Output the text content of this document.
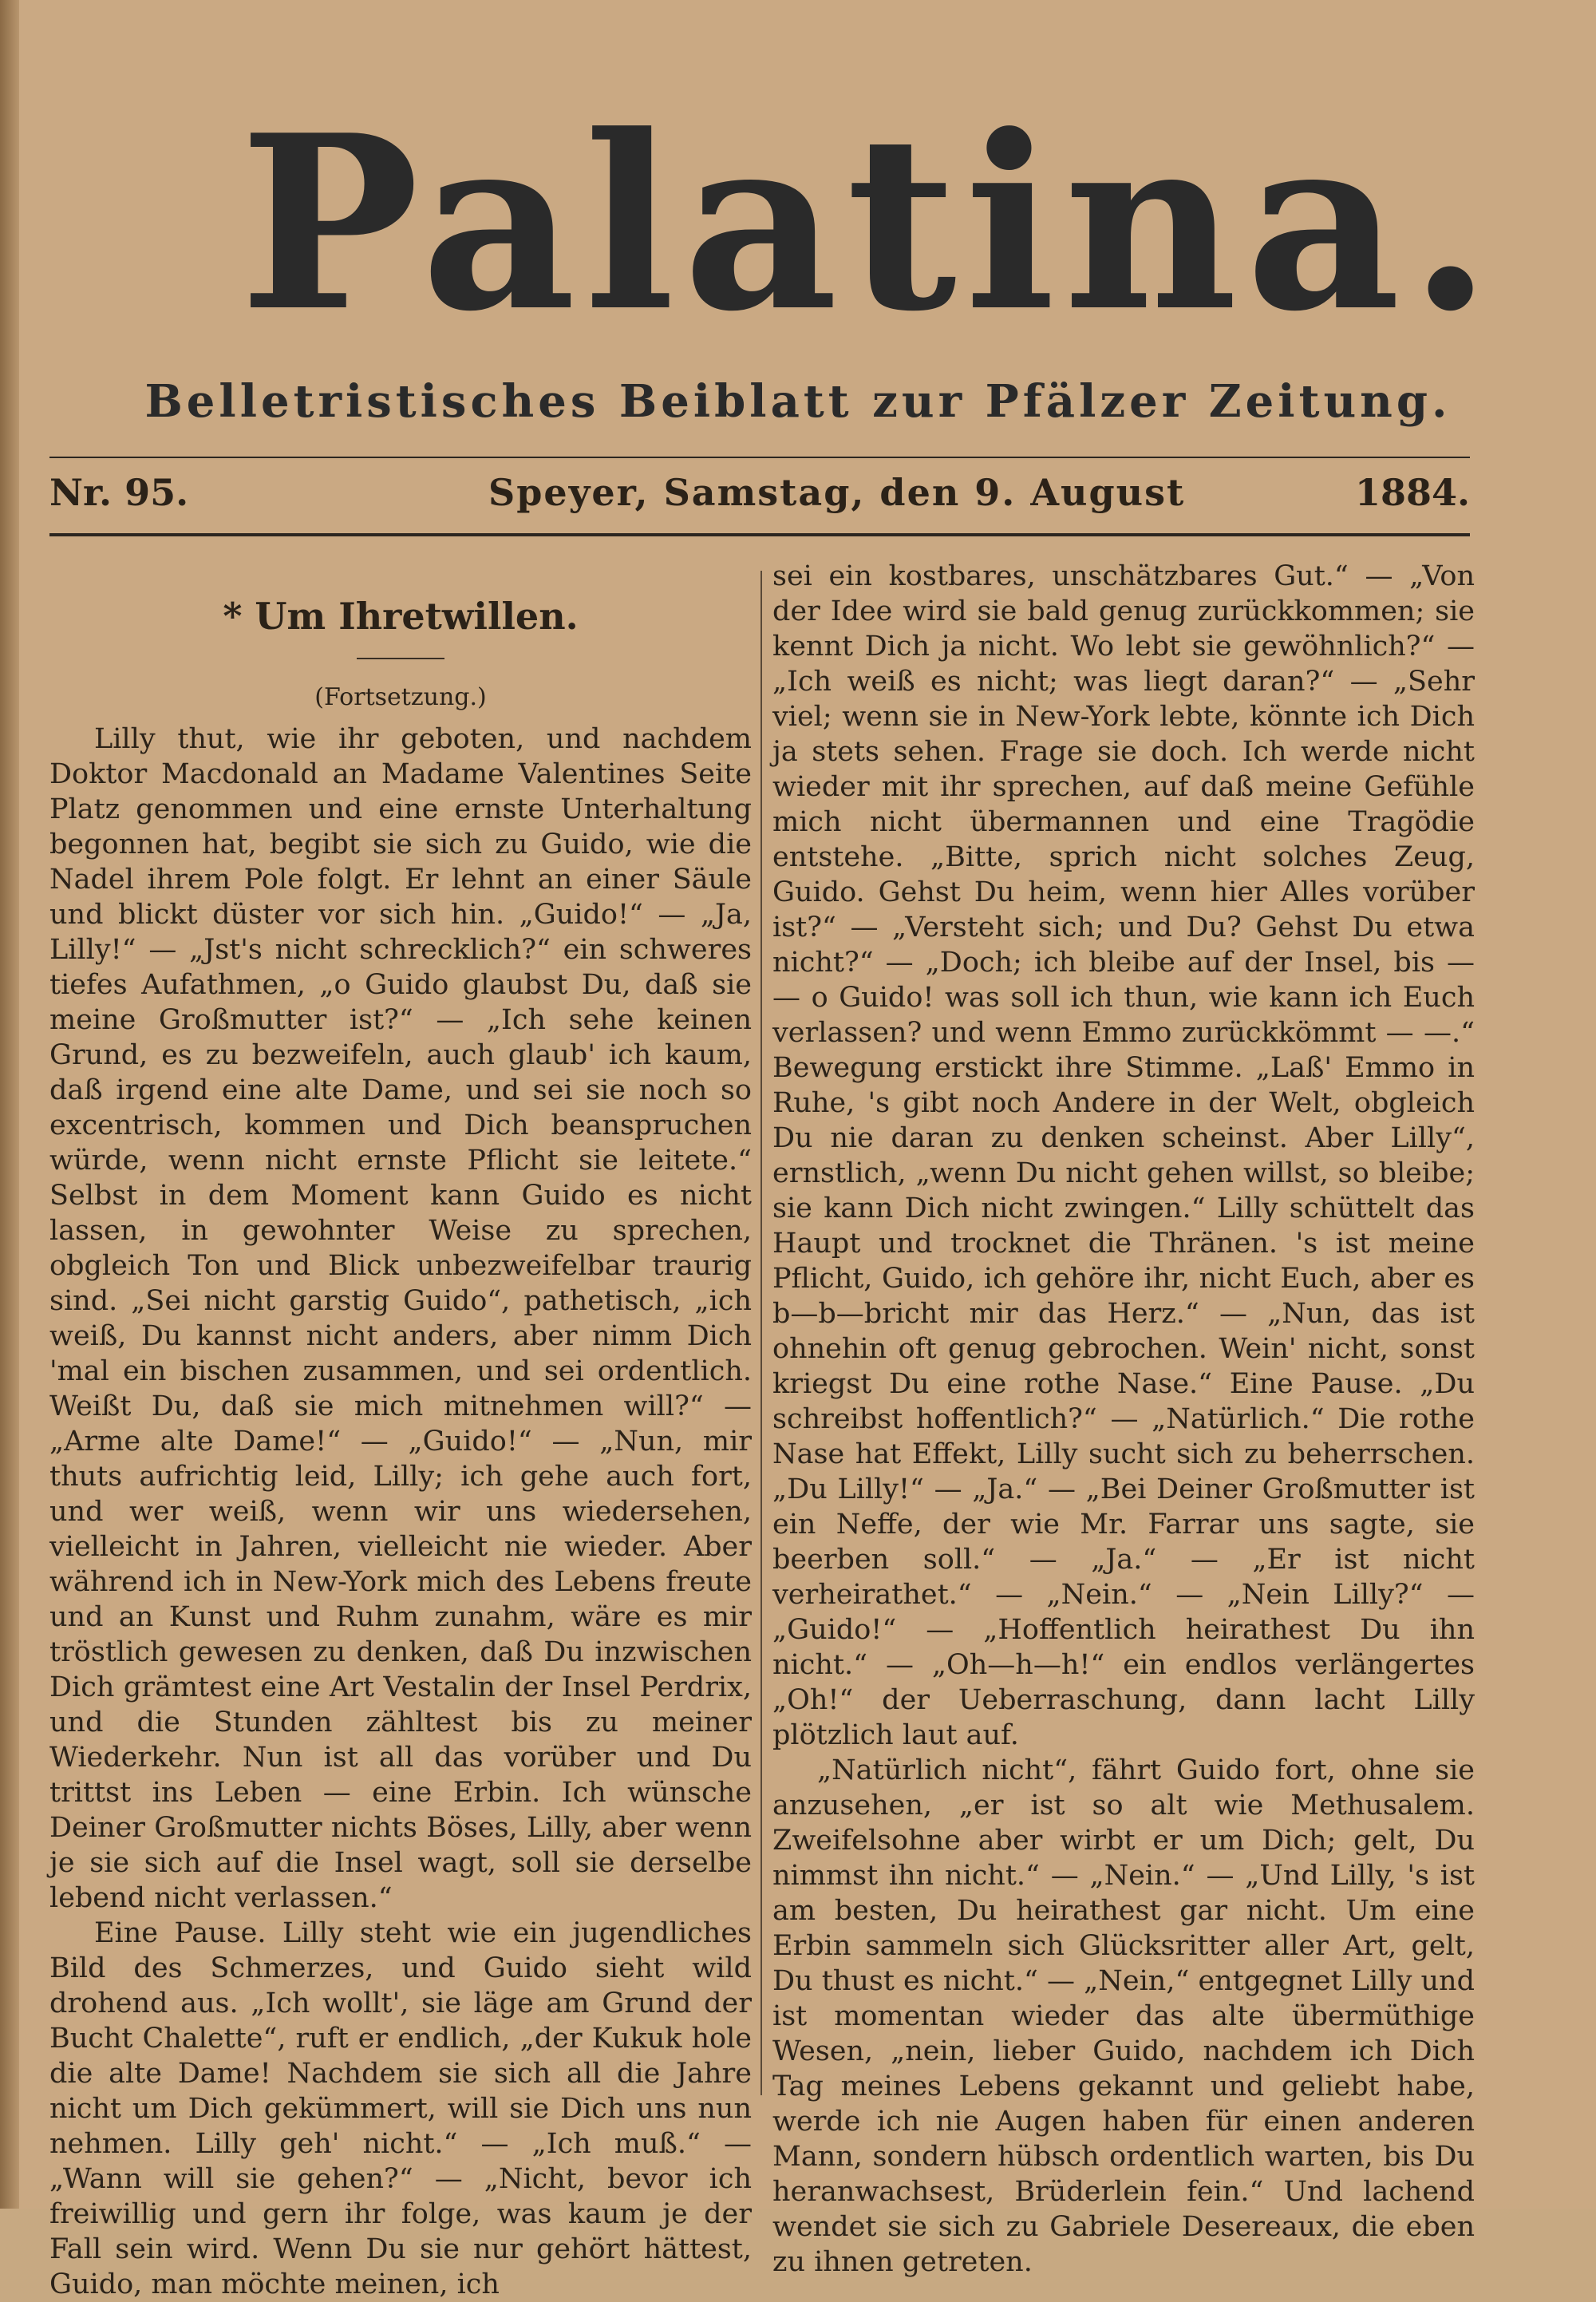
Palatina.
Belletristisches Beiblatt zur Pfälzer Zeitung.
Nr. 95.	Speyer, Samstag, den 9. August	1884.
* Um Ihretwillen.
(Fortsetzung.)

Lilly thut, wie ihr geboten, und nachdem Doktor Macdonald an Madame Valentines Seite Platz genommen und eine ernste Unterhaltung begonnen hat, begibt sie sich zu Guido, wie die Nadel ihrem Pole folgt. Er lehnt an einer Säule und blickt düster vor sich hin. „Guido!“ — „Ja, Lilly!“ — „Jst's nicht schrecklich?“ ein schweres tiefes Aufathmen, „o Guido glaubst Du, daß sie meine Großmutter ist?“ — „Ich sehe keinen Grund, es zu bezweifeln, auch glaub' ich kaum, daß irgend eine alte Dame, und sei sie noch so excentrisch, kommen und Dich beanspruchen würde, wenn nicht ernste Pflicht sie leitete.“ Selbst in dem Moment kann Guido es nicht lassen, in gewohnter Weise zu sprechen, obgleich Ton und Blick unbezweifelbar traurig sind. „Sei nicht garstig Guido“, pathetisch, „ich weiß, Du kannst nicht anders, aber nimm Dich 'mal ein bischen zusammen, und sei ordentlich. Weißt Du, daß sie mich mitnehmen will?“ — „Arme alte Dame!“ — „Guido!“ — „Nun, mir thuts aufrichtig leid, Lilly; ich gehe auch fort, und wer weiß, wenn wir uns wiedersehen, vielleicht in Jahren, vielleicht nie wieder. Aber während ich in New-York mich des Lebens freute und an Kunst und Ruhm zunahm, wäre es mir tröstlich gewesen zu denken, daß Du inzwischen Dich grämtest eine Art Vestalin der Insel Perdrix, und die Stunden zähltest bis zu meiner Wiederkehr. Nun ist all das vorüber und Du trittst ins Leben — eine Erbin. Ich wünsche Deiner Großmutter nichts Böses, Lilly, aber wenn je sie sich auf die Insel wagt, soll sie derselbe lebend nicht verlassen.“

Eine Pause. Lilly steht wie ein jugendliches Bild des Schmerzes, und Guido sieht wild drohend aus. „Ich wollt', sie läge am Grund der Bucht Chalette“, ruft er endlich, „der Kukuk hole die alte Dame! Nachdem sie sich all die Jahre nicht um Dich gekümmert, will sie Dich uns nun nehmen. Lilly geh' nicht.“ — „Ich muß.“ — „Wann will sie gehen?“ — „Nicht, bevor ich freiwillig und gern ihr folge, was kaum je der Fall sein wird. Wenn Du sie nur gehört hättest, Guido, man möchte meinen, ich

sei ein kostbares, unschätzbares Gut.“ — „Von der Idee wird sie bald genug zurückkommen; sie kennt Dich ja nicht. Wo lebt sie gewöhnlich?“ — „Ich weiß es nicht; was liegt daran?“ — „Sehr viel; wenn sie in New-York lebte, könnte ich Dich ja stets sehen. Frage sie doch. Ich werde nicht wieder mit ihr sprechen, auf daß meine Gefühle mich nicht übermannen und eine Tragödie entstehe. „Bitte, sprich nicht solches Zeug, Guido. Gehst Du heim, wenn hier Alles vorüber ist?“ — „Versteht sich; und Du? Gehst Du etwa nicht?“ — „Doch; ich bleibe auf der Insel, bis — — o Guido! was soll ich thun, wie kann ich Euch verlassen? und wenn Emmo zurückkömmt — —.“ Bewegung erstickt ihre Stimme. „Laß' Emmo in Ruhe, 's gibt noch Andere in der Welt, obgleich Du nie daran zu denken scheinst. Aber Lilly“, ernstlich, „wenn Du nicht gehen willst, so bleibe; sie kann Dich nicht zwingen.“ Lilly schüttelt das Haupt und trocknet die Thränen. 's ist meine Pflicht, Guido, ich gehöre ihr, nicht Euch, aber es b—b—bricht mir das Herz.“ — „Nun, das ist ohnehin oft genug gebrochen. Wein' nicht, sonst kriegst Du eine rothe Nase.“ Eine Pause. „Du schreibst hoffentlich?“ — „Natürlich.“ Die rothe Nase hat Effekt, Lilly sucht sich zu beherrschen. „Du Lilly!“ — „Ja.“ — „Bei Deiner Großmutter ist ein Neffe, der wie Mr. Farrar uns sagte, sie beerben soll.“ — „Ja.“ — „Er ist nicht verheirathet.“ — „Nein.“ — „Nein Lilly?“ — „Guido!“ — „Hoffentlich heirathest Du ihn nicht.“ — „Oh—h—h!“ ein endlos verlängertes „Oh!“ der Ueberraschung, dann lacht Lilly plötzlich laut auf.

„Natürlich nicht“, fährt Guido fort, ohne sie anzusehen, „er ist so alt wie Methusalem. Zweifelsohne aber wirbt er um Dich; gelt, Du nimmst ihn nicht.“ — „Nein.“ — „Und Lilly, 's ist am besten, Du heirathest gar nicht. Um eine Erbin sammeln sich Glücksritter aller Art, gelt, Du thust es nicht.“ — „Nein,“ entgegnet Lilly und ist momentan wieder das alte übermüthige Wesen, „nein, lieber Guido, nachdem ich Dich Tag meines Lebens gekannt und geliebt habe, werde ich nie Augen haben für einen anderen Mann, sondern hübsch ordentlich warten, bis Du heranwachsest, Brüderlein fein.“ Und lachend wendet sie sich zu Gabriele Desereaux, die eben zu ihnen getreten.
